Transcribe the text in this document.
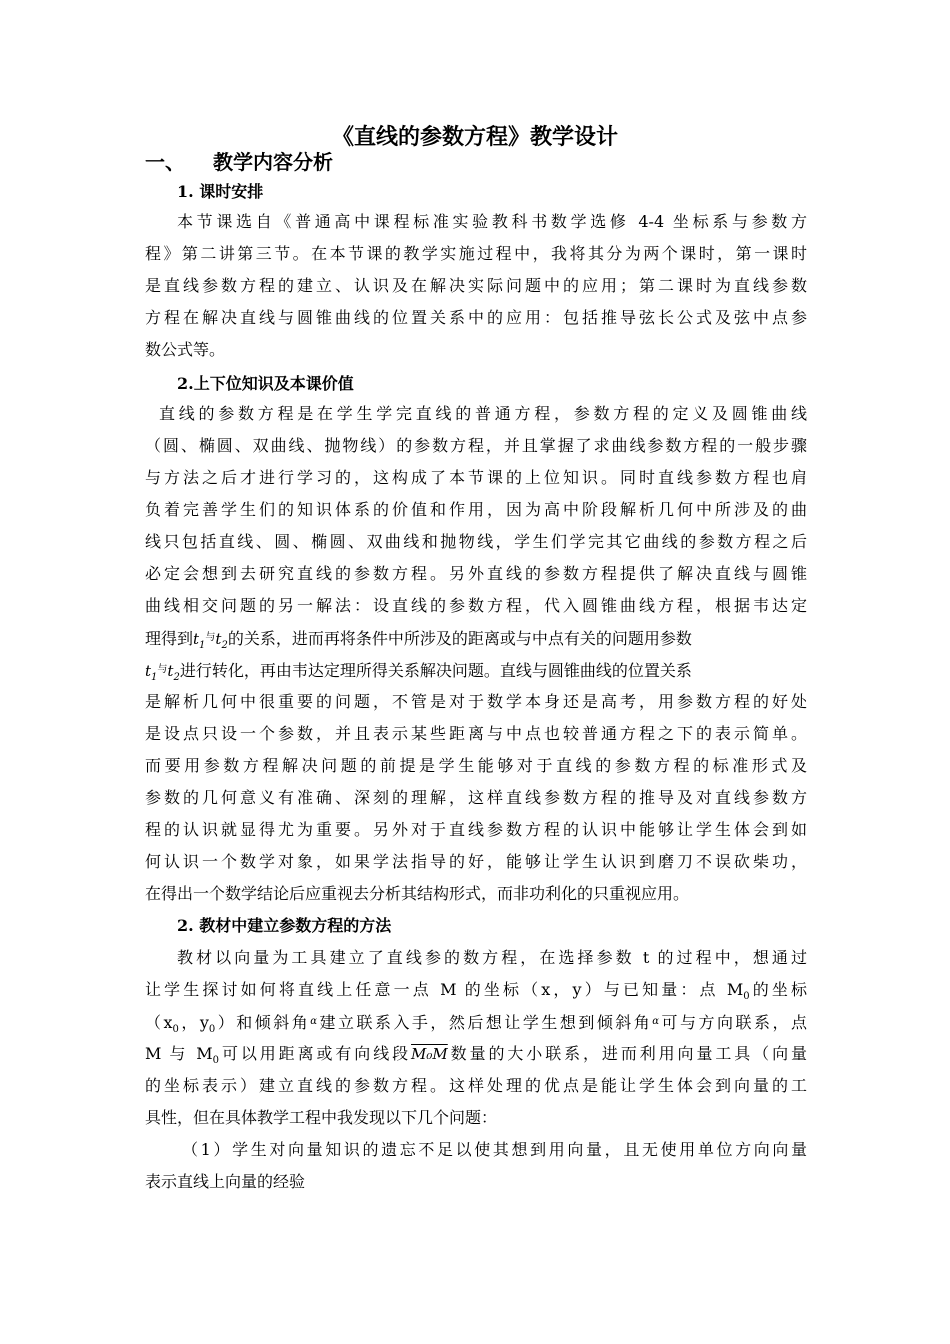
《直线的参数方程》教学设计
一、 教学内容分析
1. 课时安排
本节课选自《普通高中课程标准实验教科书数学选修 4-4 坐标系与参数方
程》第二讲第三节。在本节课的教学实施过程中，我将其分为两个课时，第一课时
是直线参数方程的建立、认识及在解决实际问题中的应用；第二课时为直线参数
方程在解决直线与圆锥曲线的位置关系中的应用：包括推导弦长公式及弦中点参
数公式等。
2.上下位知识及本课价值
直线的参数方程是在学生学完直线的普通方程，参数方程的定义及圆锥曲线
（圆、椭圆、双曲线、抛物线）的参数方程，并且掌握了求曲线参数方程的一般步骤
与方法之后才进行学习的，这构成了本节课的上位知识。同时直线参数方程也肩
负着完善学生们的知识体系的价值和作用，因为高中阶段解析几何中所涉及的曲
线只包括直线、圆、椭圆、双曲线和抛物线，学生们学完其它曲线的参数方程之后
必定会想到去研究直线的参数方程。另外直线的参数方程提供了解决直线与圆锥
曲线相交问题的另一解法：设直线的参数方程，代入圆锥曲线方程，根据韦达定
理得到$t_1^与t_2$的关系，进而再将条件中所涉及的距离或与中点有关的问题用参数
$t_1^与t_2$进行转化，再由韦达定理所得关系解决问题。直线与圆锥曲线的位置关系
是解析几何中很重要的问题，不管是对于数学本身还是高考，用参数方程的好处
是设点只设一个参数，并且表示某些距离与中点也较普通方程之下的表示简单。
而要用参数方程解决问题的前提是学生能够对于直线的参数方程的标准形式及
参数的几何意义有准确、深刻的理解，这样直线参数方程的推导及对直线参数方
程的认识就显得尤为重要。另外对于直线参数方程的认识中能够让学生体会到如
何认识一个数学对象，如果学法指导的好，能够让学生认识到磨刀不误砍柴功，
在得出一个数学结论后应重视去分析其结构形式，而非功利化的只重视应用。
2. 教材中建立参数方程的方法
教材以向量为工具建立了直线参的数方程，在选择参数 t 的过程中，想通过
让学生探讨如何将直线上任意一点 M 的坐标（x，y）与已知量：点 $M_0$的坐标
（$x_0$，$y_0$）和倾斜角$^\alpha$建立联系入手，然后想让学生想到倾斜角$^\alpha$可与方向联系，点
M 与 $M_0$可以用距离或有向线段M₀M数量的大小联系，进而利用向量工具（向量
的坐标表示）建立直线的参数方程。这样处理的优点是能让学生体会到向量的工
具性，但在具体教学工程中我发现以下几个问题：
（1）学生对向量知识的遗忘不足以使其想到用向量，且无使用单位方向向量
表示直线上向量的经验
